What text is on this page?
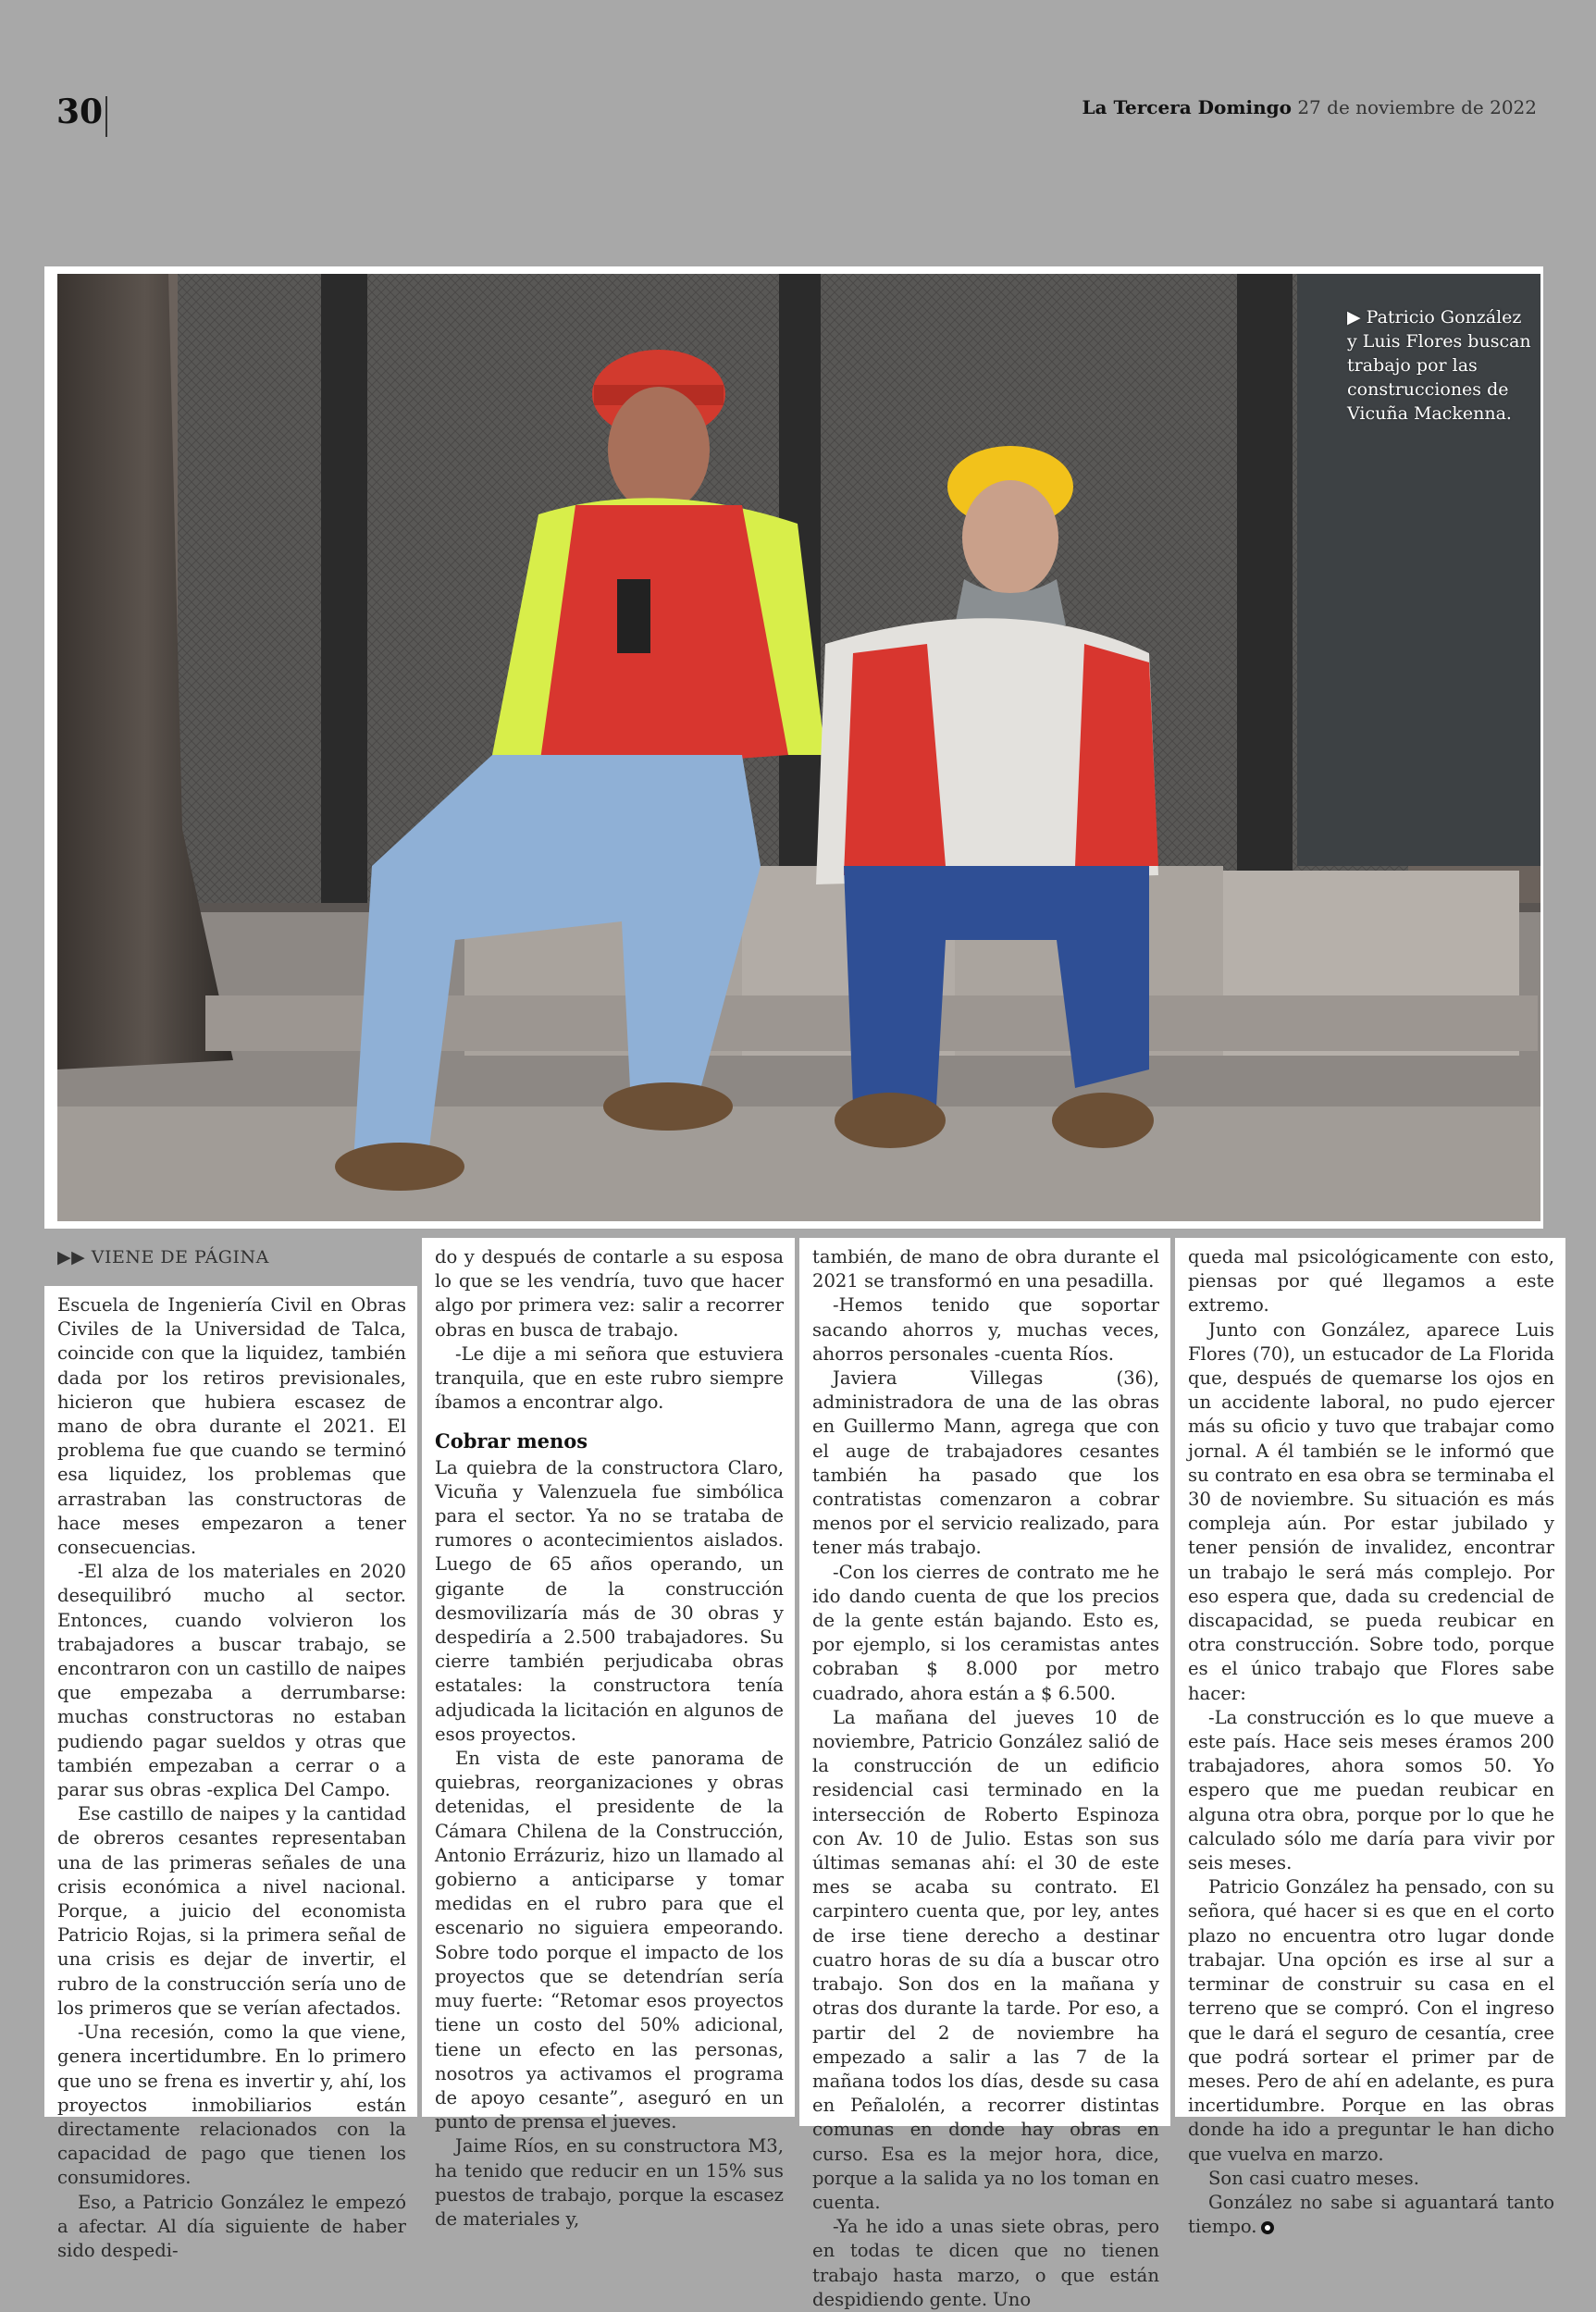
30	La Tercera Domingo 27 de noviembre de 2022
▶ Patricio González y Luis Flores buscan trabajo por las construcciones de Vicuña Mackenna.
▶▶ VIENE DE PÁGINA

Escuela de Ingeniería Civil en Obras Civiles de la Universidad de Talca, coincide con que la liquidez, también dada por los retiros previsionales, hicieron que hubiera escasez de mano de obra durante el 2021. El problema fue que cuando se terminó esa liquidez, los problemas que arrastraban las constructoras de hace meses empezaron a tener consecuencias.

-El alza de los materiales en 2020 desequilibró mucho al sector. Entonces, cuando volvieron los trabajadores a buscar trabajo, se encontraron con un castillo de naipes que empezaba a derrumbarse: muchas constructoras no estaban pudiendo pagar sueldos y otras que también empezaban a cerrar o a parar sus obras -explica Del Campo.

Ese castillo de naipes y la cantidad de obreros cesantes representaban una de las primeras señales de una crisis económica a nivel nacional. Porque, a juicio del economista Patricio Rojas, si la primera señal de una crisis es dejar de invertir, el rubro de la construcción sería uno de los primeros que se verían afectados.

-Una recesión, como la que viene, genera incertidumbre. En lo primero que uno se frena es invertir y, ahí, los proyectos inmobiliarios están directamente relacionados con la capacidad de pago que tienen los consumidores.

Eso, a Patricio González le empezó a afectar. Al día siguiente de haber sido despedi-

do y después de contarle a su esposa lo que se les vendría, tuvo que hacer algo por primera vez: salir a recorrer obras en busca de trabajo.

-Le dije a mi señora que estuviera tranquila, que en este rubro siempre íbamos a encontrar algo.

Cobrar menos

La quiebra de la constructora Claro, Vicuña y Valenzuela fue simbólica para el sector. Ya no se trataba de rumores o acontecimientos aislados. Luego de 65 años operando, un gigante de la construcción desmovilizaría más de 30 obras y despediría a 2.500 trabajadores. Su cierre también perjudicaba obras estatales: la constructora tenía adjudicada la licitación en algunos de esos proyectos.

En vista de este panorama de quiebras, reorganizaciones y obras detenidas, el presidente de la Cámara Chilena de la Construcción, Antonio Errázuriz, hizo un llamado al gobierno a anticiparse y tomar medidas en el rubro para que el escenario no siguiera empeorando. Sobre todo porque el impacto de los proyectos que se detendrían sería muy fuerte: “Retomar esos proyectos tiene un costo del 50% adicional, tiene un efecto en las personas, nosotros ya activamos el programa de apoyo cesante”, aseguró en un punto de prensa el jueves.

Jaime Ríos, en su constructora M3, ha tenido que reducir en un 15% sus puestos de trabajo, porque la escasez de materiales y,

también, de mano de obra durante el 2021 se transformó en una pesadilla.

-Hemos tenido que soportar sacando ahorros y, muchas veces, ahorros personales -cuenta Ríos.

Javiera Villegas (36), administradora de una de las obras en Guillermo Mann, agrega que con el auge de trabajadores cesantes también ha pasado que los contratistas comenzaron a cobrar menos por el servicio realizado, para tener más trabajo.

-Con los cierres de contrato me he ido dando cuenta de que los precios de la gente están bajando. Esto es, por ejemplo, si los ceramistas antes cobraban $ 8.000 por metro cuadrado, ahora están a $ 6.500.

La mañana del jueves 10 de noviembre, Patricio González salió de la construcción de un edificio residencial casi terminado en la intersección de Roberto Espinoza con Av. 10 de Julio. Estas son sus últimas semanas ahí: el 30 de este mes se acaba su contrato. El carpintero cuenta que, por ley, antes de irse tiene derecho a destinar cuatro horas de su día a buscar otro trabajo. Son dos en la mañana y otras dos durante la tarde. Por eso, a partir del 2 de noviembre ha empezado a salir a las 7 de la mañana todos los días, desde su casa en Peñalolén, a recorrer distintas comunas en donde hay obras en curso. Esa es la mejor hora, dice, porque a la salida ya no los toman en cuenta.

-Ya he ido a unas siete obras, pero en todas te dicen que no tienen trabajo hasta marzo, o que están despidiendo gente. Uno

queda mal psicológicamente con esto, piensas por qué llegamos a este extremo.

Junto con González, aparece Luis Flores (70), un estucador de La Florida que, después de quemarse los ojos en un accidente laboral, no pudo ejercer más su oficio y tuvo que trabajar como jornal. A él también se le informó que su contrato en esa obra se terminaba el 30 de noviembre. Su situación es más compleja aún. Por estar jubilado y tener pensión de invalidez, encontrar un trabajo le será más complejo. Por eso espera que, dada su credencial de discapacidad, se pueda reubicar en otra construcción. Sobre todo, porque es el único trabajo que Flores sabe hacer:

-La construcción es lo que mueve a este país. Hace seis meses éramos 200 trabajadores, ahora somos 50. Yo espero que me puedan reubicar en alguna otra obra, porque por lo que he calculado sólo me daría para vivir por seis meses.

Patricio González ha pensado, con su señora, qué hacer si es que en el corto plazo no encuentra otro lugar donde trabajar. Una opción es irse al sur a terminar de construir su casa en el terreno que se compró. Con el ingreso que le dará el seguro de cesantía, cree que podrá sortear el primer par de meses. Pero de ahí en adelante, es pura incertidumbre. Porque en las obras donde ha ido a preguntar le han dicho que vuelva en marzo.

Son casi cuatro meses.

González no sabe si aguantará tanto tiempo.
